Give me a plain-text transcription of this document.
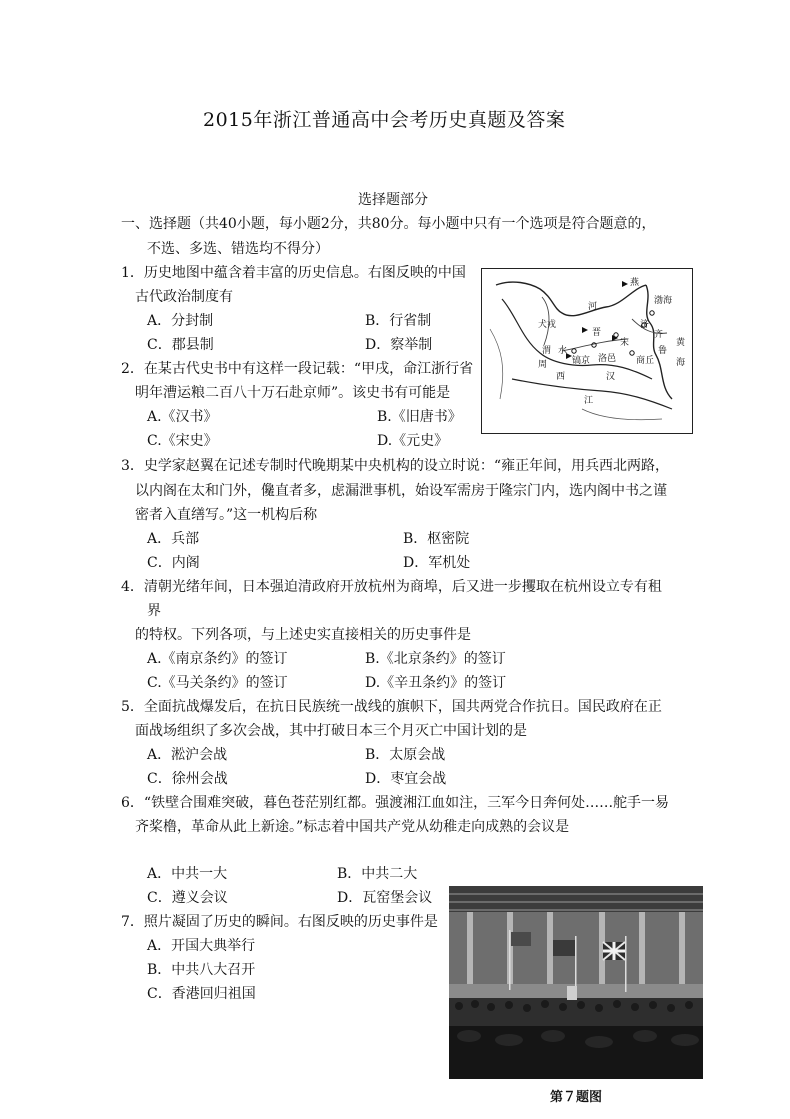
2015年浙江普通高中会考历史真题及答案
选择题部分
一、选择题（共40小题，每小题2分，共80分。每小题中只有一个选项是符合题意的，
不选、多选、错选均不得分）
1．历史地图中蕴含着丰富的历史信息。右图反映的中国
古代政治制度有
A．分封制	B．行省制
C．郡县制	D．察举制
2．在某古代史书中有这样一段记载：“甲戌，命江浙行省
明年漕运粮二百八十万石赴京师”。该史书有可能是
A.《汉书》	B.《旧唐书》
C.《宋史》	D.《元史》
燕
渤海
河
犬戎
晋
济
齐
黄
海
鲁
宋
镐京 洛邑
周
渭 水
商丘
汉
江
西
3．史学家赵翼在记述专制时代晚期某中央机构的设立时说：“雍正年间，用兵西北两路，
以内阁在太和门外，儳直者多，虑漏泄事机，始设军需房于隆宗门内，选内阁中书之谨
密者入直缮写。”这一机构后称
A．兵部	B．枢密院
C．内阁	D．军机处
4．清朝光绪年间，日本强迫清政府开放杭州为商埠，后又进一步攫取在杭州设立专有租
界
的特权。下列各项，与上述史实直接相关的历史事件是
A.《南京条约》的签订	B.《北京条约》的签订
C.《马关条约》的签订	D.《辛丑条约》的签订
5．全面抗战爆发后，在抗日民族统一战线的旗帜下，国共两党合作抗日。国民政府在正
面战场组织了多次会战，其中打破日本三个月灭亡中国计划的是
A．淞沪会战	B．太原会战
C．徐州会战	D．枣宜会战
6．“铁壁合围难突破，暮色苍茫别红都。强渡湘江血如注，三军今日奔何处……舵手一易
齐桨橹，革命从此上新途。”标志着中国共产党从幼稚走向成熟的会议是
A．中共一大	B．中共二大
C．遵义会议	D．瓦窑堡会议
7．照片凝固了历史的瞬间。右图反映的历史事件是
A．开国大典举行
B．中共八大召开
C．香港回归祖国
第７题图
